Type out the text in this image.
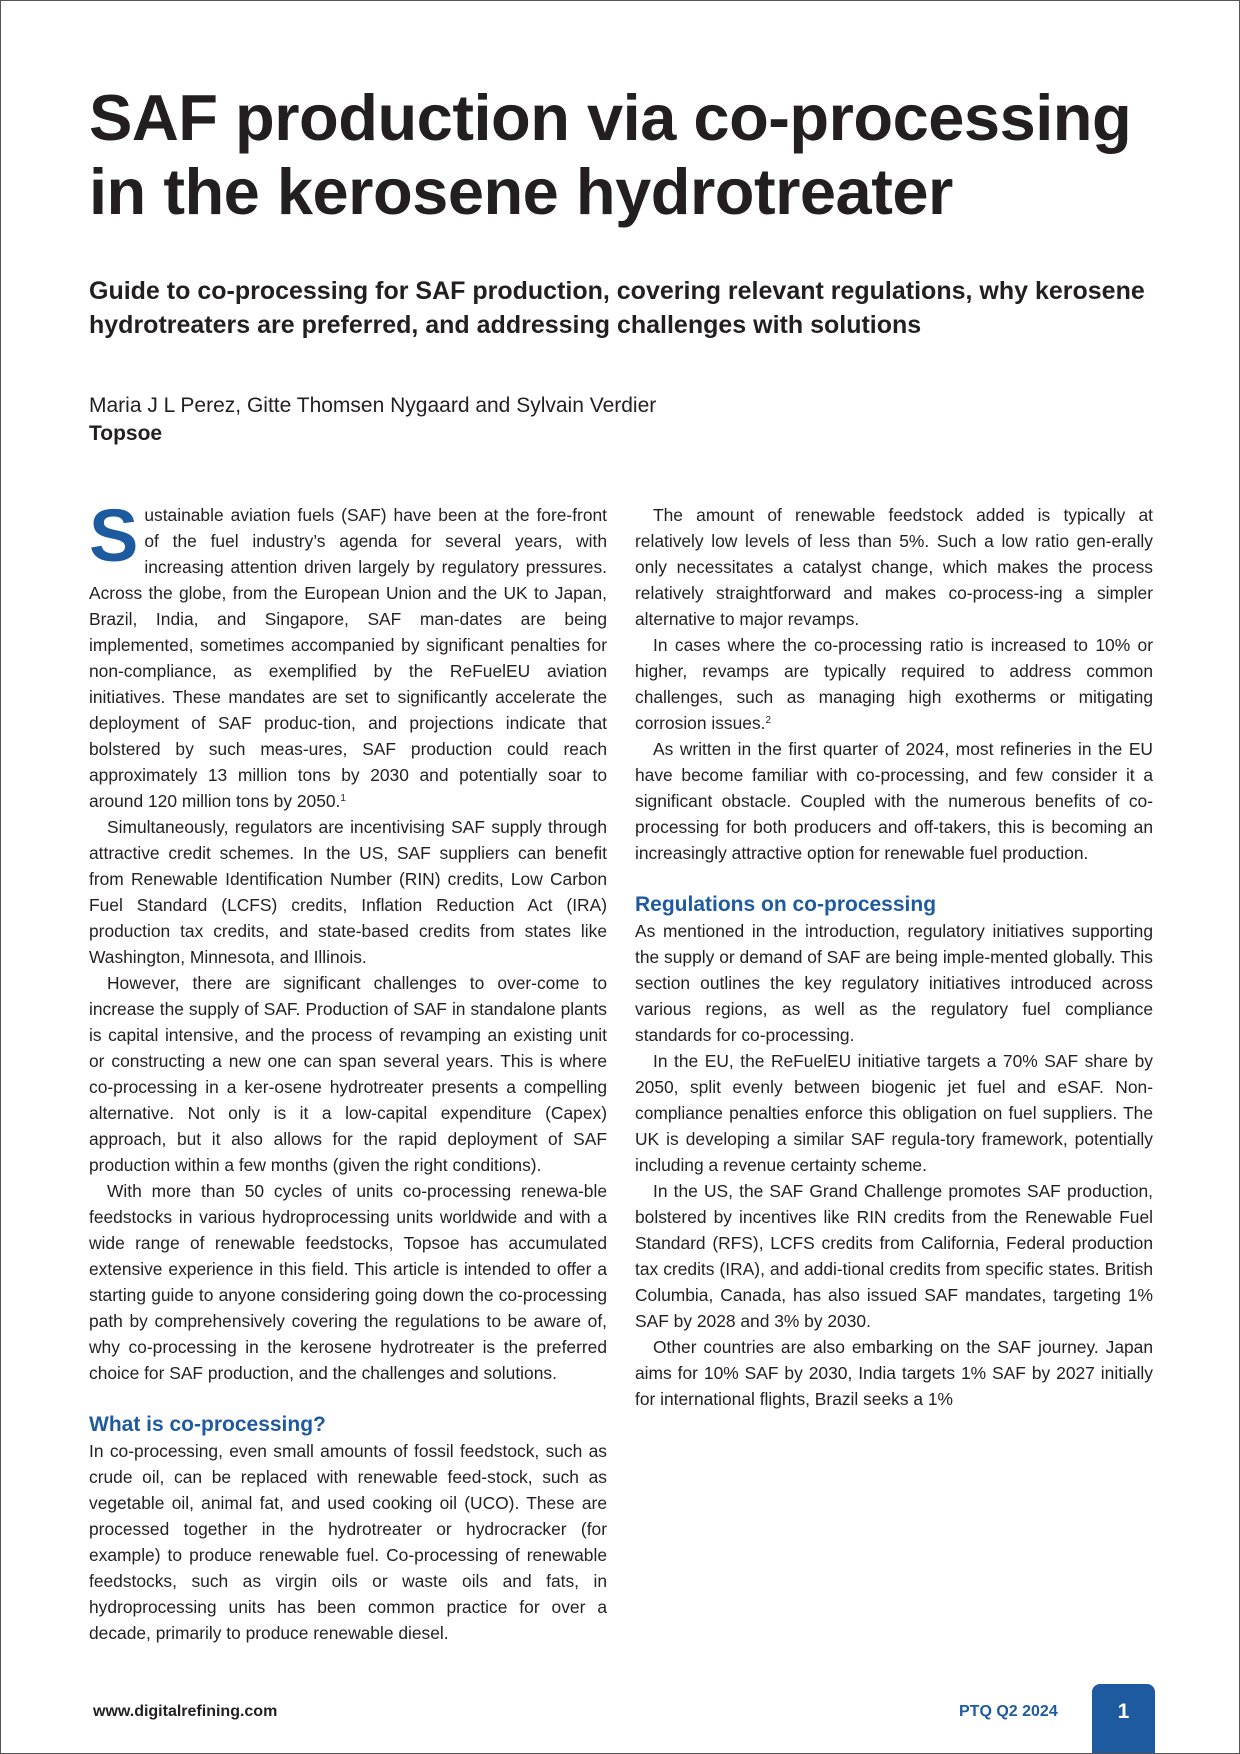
SAF production via co-processing in the kerosene hydrotreater

Guide to co-processing for SAF production, covering relevant regulations, why kerosene hydrotreaters are preferred, and addressing challenges with solutions

Maria J L Perez, Gitte Thomsen Nygaard and Sylvain Verdier
Topsoe

Sustainable aviation fuels (SAF) have been at the fore-front of the fuel industry’s agenda for several years, with increasing attention driven largely by regulatory pressures. Across the globe, from the European Union and the UK to Japan, Brazil, India, and Singapore, SAF man-dates are being implemented, sometimes accompanied by significant penalties for non-compliance, as exemplified by the ReFuelEU aviation initiatives. These mandates are set to significantly accelerate the deployment of SAF produc-tion, and projections indicate that bolstered by such meas-ures, SAF production could reach approximately 13 million tons by 2030 and potentially soar to around 120 million tons by 2050.$^1$

Simultaneously, regulators are incentivising SAF supply through attractive credit schemes. In the US, SAF suppliers can benefit from Renewable Identification Number (RIN) credits, Low Carbon Fuel Standard (LCFS) credits, Inflation Reduction Act (IRA) production tax credits, and state-based credits from states like Washington, Minnesota, and Illinois.

However, there are significant challenges to over-come to increase the supply of SAF. Production of SAF in standalone plants is capital intensive, and the process of revamping an existing unit or constructing a new one can span several years. This is where co-processing in a ker-osene hydrotreater presents a compelling alternative. Not only is it a low-capital expenditure (Capex) approach, but it also allows for the rapid deployment of SAF production within a few months (given the right conditions).

With more than 50 cycles of units co-processing renewa-ble feedstocks in various hydroprocessing units worldwide and with a wide range of renewable feedstocks, Topsoe has accumulated extensive experience in this field. This article is intended to offer a starting guide to anyone considering going down the co-processing path by comprehensively covering the regulations to be aware of, why co-processing in the kerosene hydrotreater is the preferred choice for SAF production, and the challenges and solutions.

What is co-processing?

In co-processing, even small amounts of fossil feedstock, such as crude oil, can be replaced with renewable feed-stock, such as vegetable oil, animal fat, and used cooking oil (UCO). These are processed together in the hydrotreater or hydrocracker (for example) to produce renewable fuel. Co-processing of renewable feedstocks, such as virgin oils or waste oils and fats, in hydroprocessing units has been common practice for over a decade, primarily to produce renewable diesel.

The amount of renewable feedstock added is typically at relatively low levels of less than 5%. Such a low ratio gen-erally only necessitates a catalyst change, which makes the process relatively straightforward and makes co-process-ing a simpler alternative to major revamps.

In cases where the co-processing ratio is increased to 10% or higher, revamps are typically required to address common challenges, such as managing high exotherms or mitigating corrosion issues.$^2$

As written in the first quarter of 2024, most refineries in the EU have become familiar with co-processing, and few consider it a significant obstacle. Coupled with the numerous benefits of co-processing for both producers and off-takers, this is becoming an increasingly attractive option for renewable fuel production.

Regulations on co-processing

As mentioned in the introduction, regulatory initiatives supporting the supply or demand of SAF are being imple-mented globally. This section outlines the key regulatory initiatives introduced across various regions, as well as the regulatory fuel compliance standards for co-processing.

In the EU, the ReFuelEU initiative targets a 70% SAF share by 2050, split evenly between biogenic jet fuel and eSAF. Non-compliance penalties enforce this obligation on fuel suppliers. The UK is developing a similar SAF regula-tory framework, potentially including a revenue certainty scheme.

In the US, the SAF Grand Challenge promotes SAF production, bolstered by incentives like RIN credits from the Renewable Fuel Standard (RFS), LCFS credits from California, Federal production tax credits (IRA), and addi-tional credits from specific states. British Columbia, Canada, has also issued SAF mandates, targeting 1% SAF by 2028 and 3% by 2030.

Other countries are also embarking on the SAF journey. Japan aims for 10% SAF by 2030, India targets 1% SAF by 2027 initially for international flights, Brazil seeks a 1%

www.digitalrefining.com	PTQ Q2 2024	1
